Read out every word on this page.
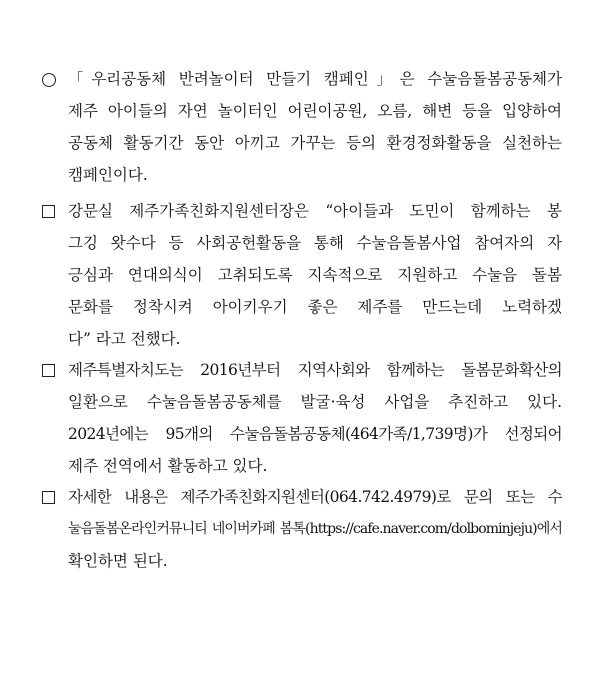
「우리공동체 반려놀이터 만들기 캠페인」은 수눌음돌봄공동체가
제주 아이들의 자연 놀이터인 어린이공원, 오름, 해변 등을 입양하여
공동체 활동기간 동안 아끼고 가꾸는 등의 환경정화활동을 실천하는
캠페인이다.
강문실 제주가족친화지원센터장은 “아이들과 도민이 함께하는 봉
그깅 왓수다 등 사회공헌활동을 통해 수눌음돌봄사업 참여자의 자
긍심과 연대의식이 고취되도록 지속적으로 지원하고 수눌음 돌봄
문화를 정착시켜 아이키우기 좋은 제주를 만드는데 노력하겠
다” 라고 전했다.
제주특별자치도는 2016년부터 지역사회와 함께하는 돌봄문화확산의
일환으로 수눌음돌봄공동체를 발굴·육성 사업을 추진하고 있다.
2024년에는 95개의 수눌음돌봄공동체(464가족/1,739명)가 선정되어
제주 전역에서 활동하고 있다.
자세한 내용은 제주가족친화지원센터(064.742.4979)로 문의 또는 수
눌음돌봄온라인커뮤니티 네이버카페 봄톡(https://cafe.naver.com/dolbominjeju)에서
확인하면 된다.
